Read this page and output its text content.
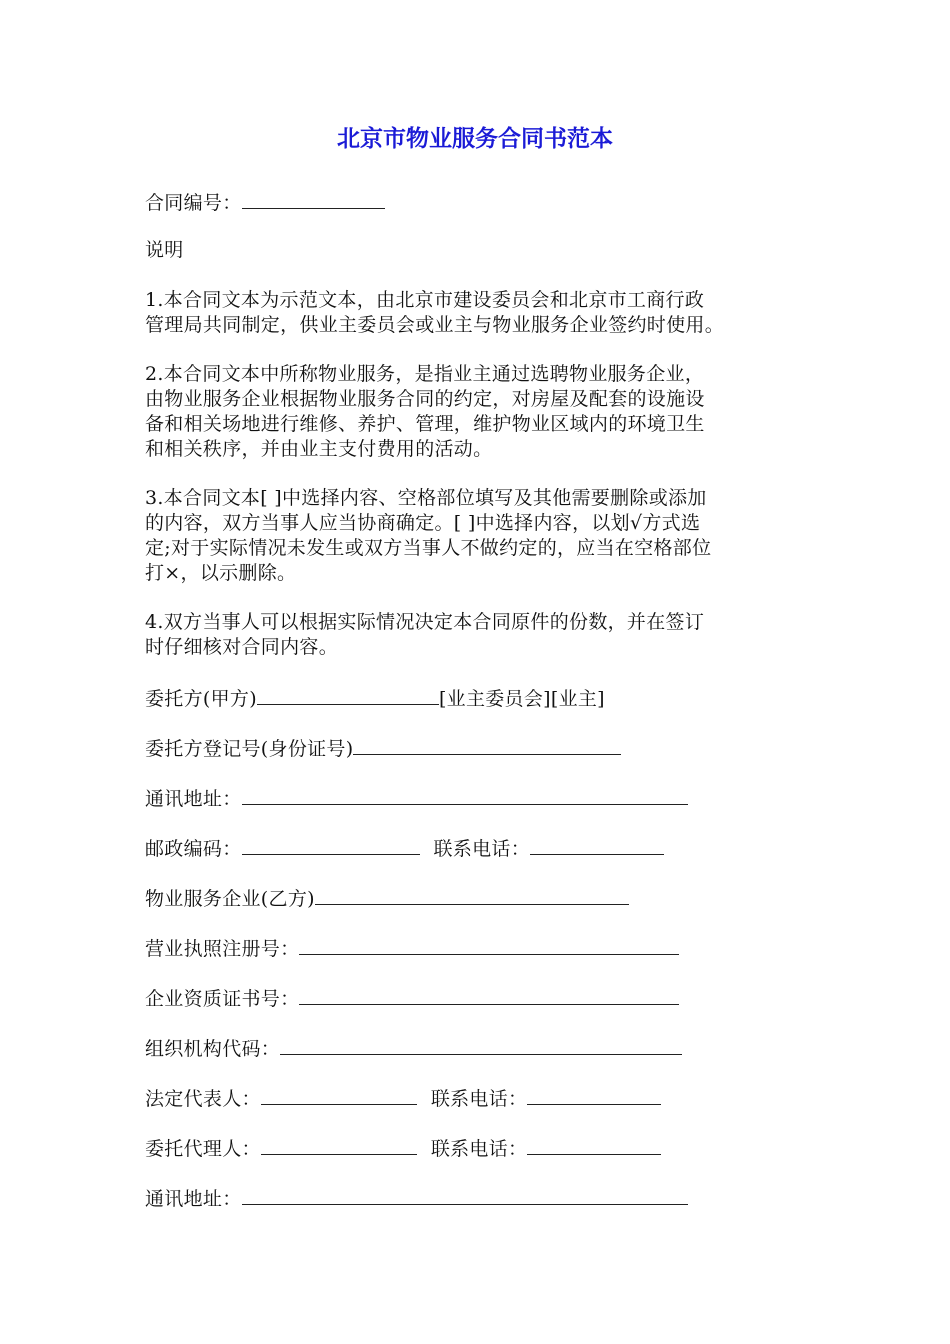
北京市物业服务合同书范本
合同编号：
说明
1.本合同文本为示范文本，由北京市建设委员会和北京市工商行政
管理局共同制定，供业主委员会或业主与物业服务企业签约时使用。
2.本合同文本中所称物业服务，是指业主通过选聘物业服务企业，
由物业服务企业根据物业服务合同的约定，对房屋及配套的设施设
备和相关场地进行维修、养护、管理，维护物业区域内的环境卫生
和相关秩序，并由业主支付费用的活动。
3.本合同文本[ ]中选择内容、空格部位填写及其他需要删除或添加
的内容，双方当事人应当协商确定。[ ]中选择内容，以划√方式选
定;对于实际情况未发生或双方当事人不做约定的，应当在空格部位
打×，以示删除。
4.双方当事人可以根据实际情况决定本合同原件的份数，并在签订
时仔细核对合同内容。
委托方(甲方)	[业主委员会][业主]
委托方登记号(身份证号)
通讯地址：
邮政编码：	联系电话：
物业服务企业(乙方)
营业执照注册号：
企业资质证书号：
组织机构代码：
法定代表人：	联系电话：
委托代理人：	联系电话：
通讯地址：
